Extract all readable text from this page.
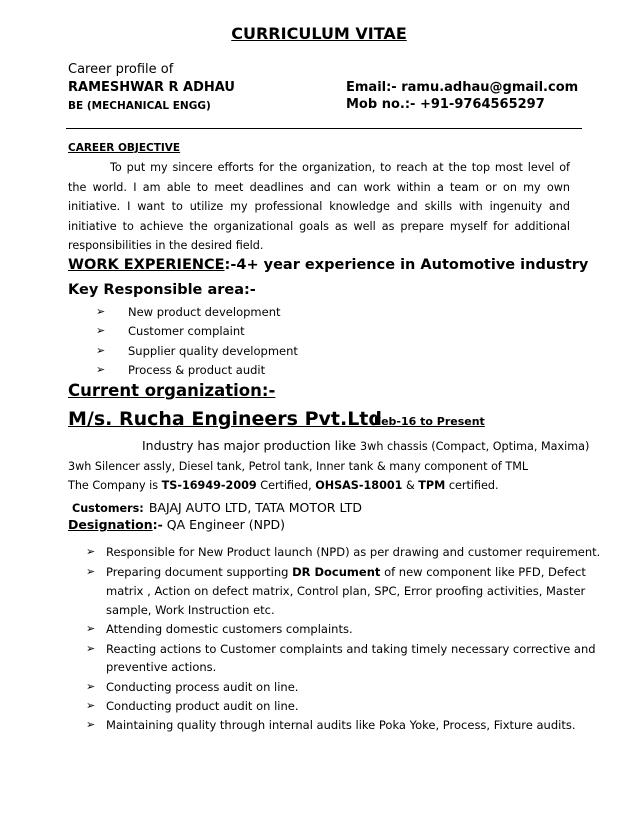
CURRICULUM VITAE
Career profile of
RAMESHWAR R ADHAU	Email:- ramu.adhau@gmail.com
BE (MECHANICAL ENGG)	Mob no.:- +91-9764565297
CAREER OBJECTIVE
To put my sincere efforts for the organization, to reach at the top most level of the world. I am able to meet deadlines and can work within a team or on my own initiative. I want to utilize my professional knowledge and skills with ingenuity and initiative to achieve the organizational goals as well as prepare myself for additional responsibilities in the desired field.
WORK EXPERIENCE:-4+ year experience in Automotive industry
Key Responsible area:-
➢ New product development
➢ Customer complaint
➢ Supplier quality development
➢ Process & product audit
Current organization:-
M/s. Rucha Engineers Pvt.Ltd
Feb-16 to Present
Industry has major production like 3wh chassis (Compact, Optima, Maxima)
3wh Silencer assly, Diesel tank, Petrol tank, Inner tank & many component of TML
The Company is TS-16949-2009 Certified, OHSAS-18001 & TPM certified.
Customers: BAJAJ AUTO LTD, TATA MOTOR LTD
Designation:- QA Engineer (NPD)
➢ Responsible for New Product launch (NPD) as per drawing and customer requirement.
➢ Preparing document supporting DR Document of new component like PFD, Defect
matrix , Action on defect matrix, Control plan, SPC, Error proofing activities, Master
sample, Work Instruction etc.
➢ Attending domestic customers complaints.
➢ Reacting actions to Customer complaints and taking timely necessary corrective and
preventive actions.
➢ Conducting process audit on line.
➢ Conducting product audit on line.
➢ Maintaining quality through internal audits like Poka Yoke, Process, Fixture audits.
